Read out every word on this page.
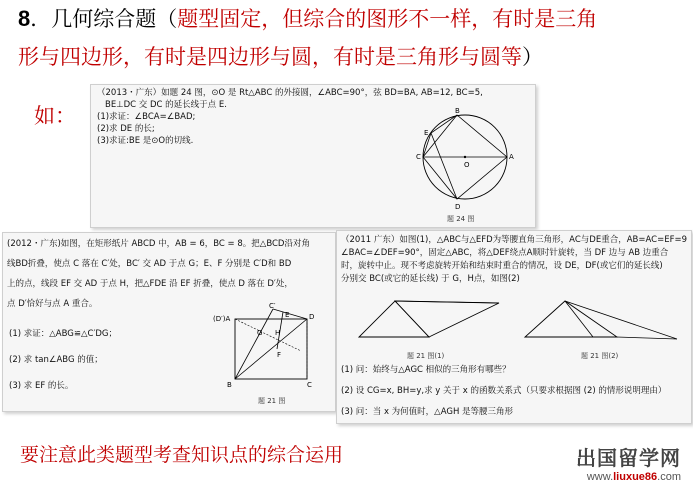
8．几何综合题（题型固定，但综合的图形不一样，有时是三角
形与四边形，有时是四边形与圆，有时是三角形与圆等）
如：

（2013・广东）如题 24 图，⊙O 是 Rt△ABC 的外接圆，∠ABC=90°，弦 BD=BA, AB=12, BC=5,

BE⊥DC 交 DC 的延长线于点 E.

(1)求证：∠BCA=∠BAD;

(2)求 DE 的长;

(3)求证:BE 是⊙O的切线.

B
E
C
O
A
D
题 24 图

(2012・广东)如图，在矩形纸片 ABCD 中，AB = 6，BC = 8。把△BCD沿对角

线BD折叠，使点 C 落在 C′处，BC′ 交 AD 于点 G；E、F 分别是 C′D和 BD

上的点，线段 EF 交 AD 于点 H，把△FDE 沿 EF 折叠，使点 D 落在 D′处，

点 D′恰好与点 A 重合。

(1) 求证：△ABG≌△C′DG；

(2) 求 tan∠ABG 的值；

(3) 求 EF 的长。

(D′)A
C′
G H
E	D
F
B	C
题 21 图

（2011 广东）如图(1)，△ABC与△EFD为等腰直角三角形，AC与DE重合，AB=AC=EF=9

∠BAC=∠DEF=90°，固定△ABC，将△DEF绕点A顺时针旋转，当 DF 边与 AB 边重合

时，旋转中止。现不考虑旋转开始和结束时重合的情况，设 DE，DF(或它们的延长线)

分别交 BC(或它的延长线) 于 G，H点，如图(2)

题 21 图(1)	题 21 图(2)

(1) 问：始终与△AGC 相似的三角形有哪些？

(2) 设 CG=x, BH=y,求 y 关于 x 的函数关系式（只要求根据图 (2) 的情形说明理由）

(3) 问：当 x 为何值时，△AGH 是等腰三角形

要注意此类题型考查知识点的综合运用	出国留学网
www.liuxue86.com
